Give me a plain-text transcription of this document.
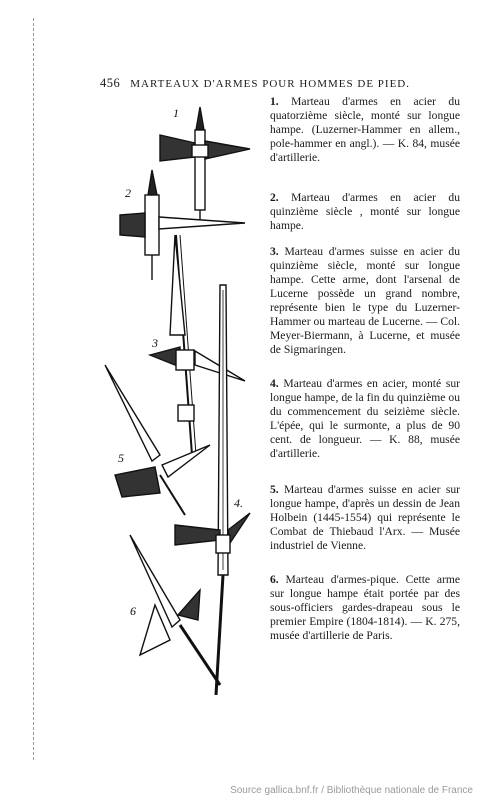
456 MARTEAUX D'ARMES POUR HOMMES DE PIED.
1
2
3
4.
5
6
1. Marteau d'armes en acier du quatorzième siècle, monté sur longue hampe. (Luzerner-Hammer en allem., pole-hammer en angl.). — K. 84, musée d'artillerie.
2. Marteau d'armes en acier du quinzième siècle , monté sur longue hampe.
3. Marteau d'armes suisse en acier du quinzième siècle, monté sur longue hampe. Cette arme, dont l'arsenal de Lucerne possède un grand nombre, représente bien le type du Luzerner-Hammer ou marteau de Lucerne. — Col. Meyer-Biermann, à Lucerne, et musée de Sigmaringen.
4. Marteau d'armes en acier, monté sur longue hampe, de la fin du quinzième ou du commencement du seizième siècle. L'épée, qui le surmonte, a plus de 90 cent. de longueur. — K. 88, musée d'artillerie.
5. Marteau d'armes suisse en acier sur longue hampe, d'après un dessin de Jean Holbein (1445-1554) qui représente le Combat de Thiebaud l'Arx. — Musée industriel de Vienne.
6. Marteau d'armes-pique. Cette arme sur longue hampe était portée par des sous-officiers gardes-drapeau sous le premier Empire (1804-1814). — K. 275, musée d'artillerie de Paris.
Source gallica.bnf.fr / Bibliothèque nationale de France
